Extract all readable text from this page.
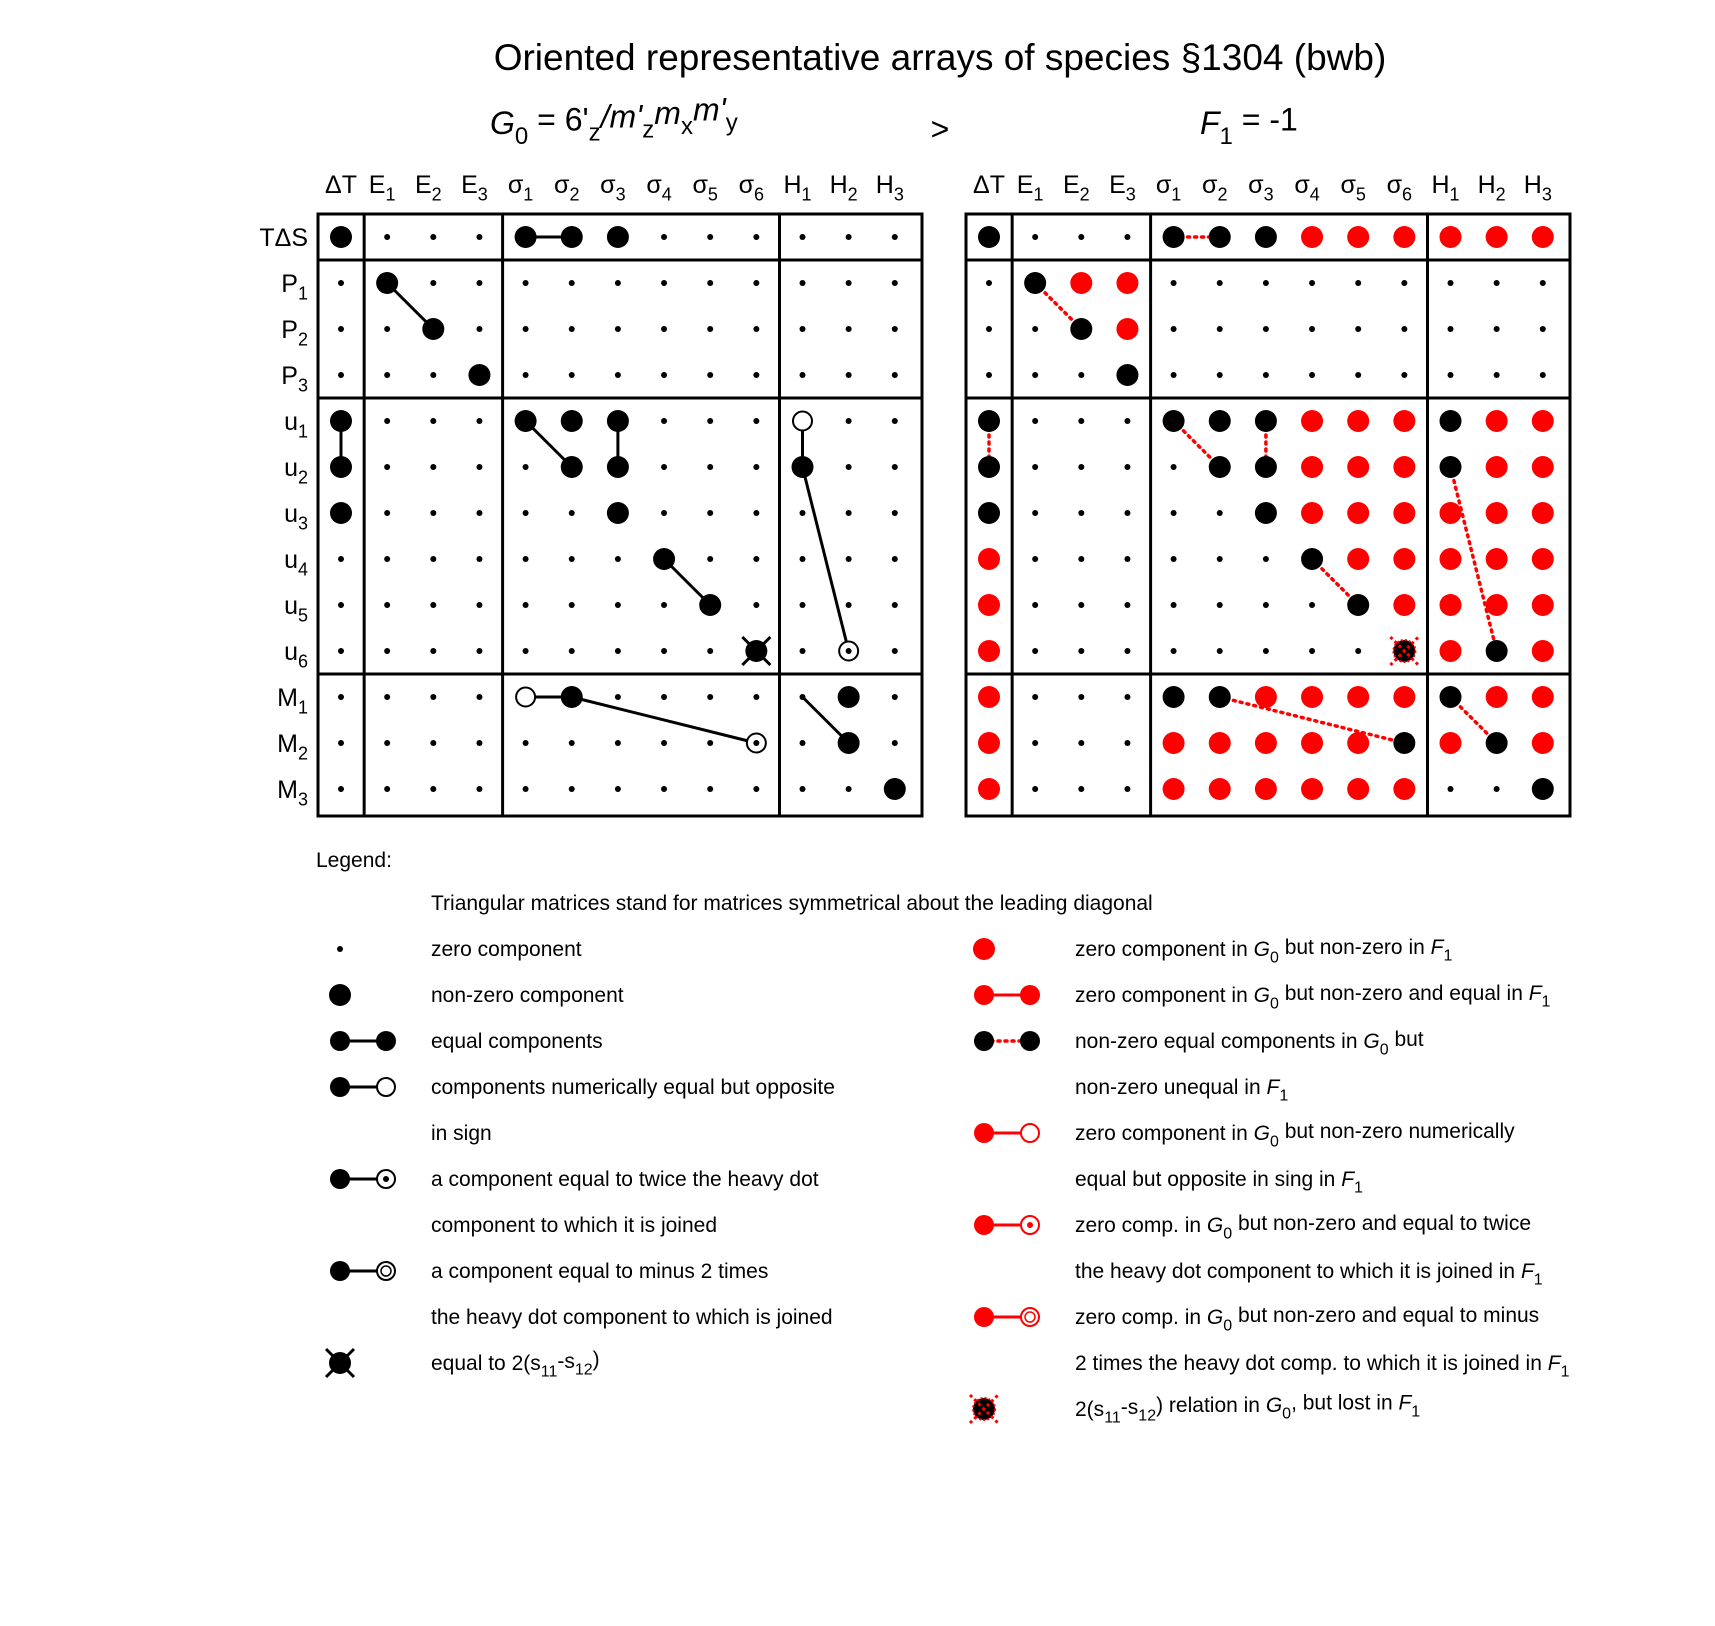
Oriented representative arrays of species §1304 (bwb)
$G_0 = 6'_z/m'_zm_xm'_y$	>	$F_1 = -1$
ΔT $E_1$ $E_2$ $E_3$ $\sigma_1$ $\sigma_2$ $\sigma_3$ $\sigma_4$ $\sigma_5$ $\sigma_6$ $H_1$ $H_2$ $H_3$
TΔS
$P_1$
$P_2$
$P_3$
$u_1$
$u_2$
$u_3$
$u_4$
$u_5$
$u_6$
$M_1$
$M_2$
$M_3$
ΔT $E_1$ $E_2$ $E_3$ $\sigma_1$ $\sigma_2$ $\sigma_3$ $\sigma_4$ $\sigma_5$ $\sigma_6$ $H_1$ $H_2$ $H_3$
Legend:
Triangular matrices stand for matrices symmetrical about the leading diagonal
zero component
non-zero component
equal components
components numerically equal but opposite
in sign
a component equal to twice the heavy dot
component to which it is joined
a component equal to minus 2 times
the heavy dot component to which is joined
equal to $2(s_{11}-s_{12})$
zero component in $G_0$ but non-zero in $F_1$
zero component in $G_0$ but non-zero and equal in $F_1$
non-zero equal components in $G_0$ but
non-zero unequal in $F_1$
zero component in $G_0$ but non-zero numerically
equal but opposite in sing in $F_1$
zero comp. in $G_0$ but non-zero and equal to twice
the heavy dot component to which it is joined in $F_1$
zero comp. in $G_0$ but non-zero and equal to minus
2 times the heavy dot comp. to which it is joined in $F_1$
$2(s_{11}-s_{12})$ relation in $G_0$, but lost in $F_1$
